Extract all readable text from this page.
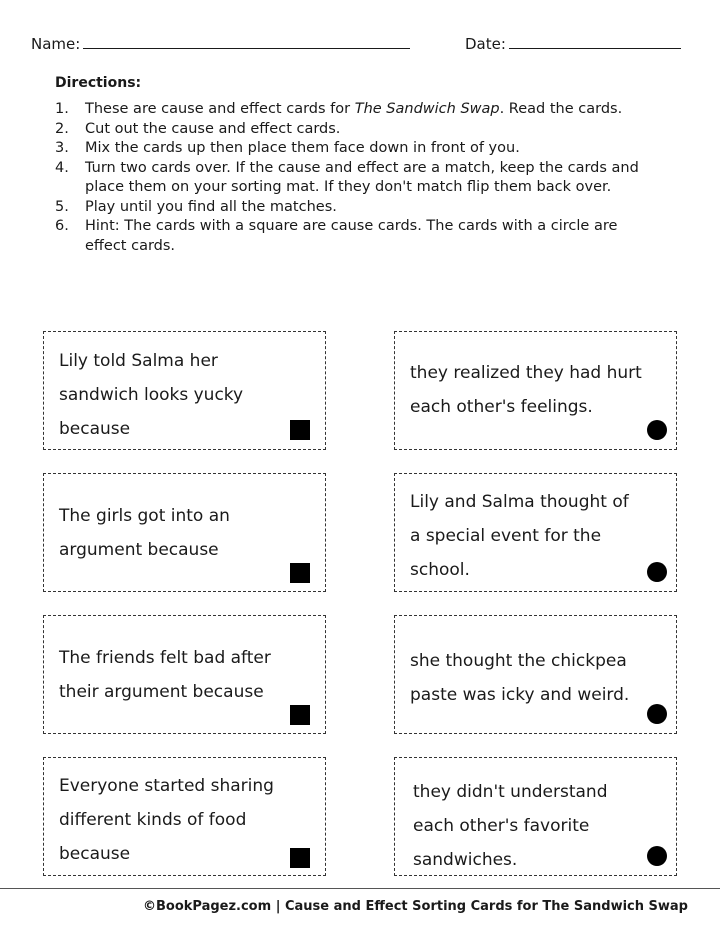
Name:	Date:
Directions:
1. These are cause and effect cards for The Sandwich Swap. Read the cards.
2. Cut out the cause and effect cards.
3. Mix the cards up then place them face down in front of you.
4. Turn two cards over. If the cause and effect are a match, keep the cards and place them on your sorting mat. If they don't match flip them back over.
5. Play until you find all the matches.
6. Hint: The cards with a square are cause cards. The cards with a circle are effect cards.
Lily told Salma her
sandwich looks yucky
because
The girls got into an
argument because
The friends felt bad after
their argument because
Everyone started sharing
different kinds of food
because
they realized they had hurt
each other's feelings.
Lily and Salma thought of
a special event for the
school.
she thought the chickpea
paste was icky and weird.
they didn't understand
each other's favorite
sandwiches.
©BookPagez.com | Cause and Effect Sorting Cards for The Sandwich Swap
